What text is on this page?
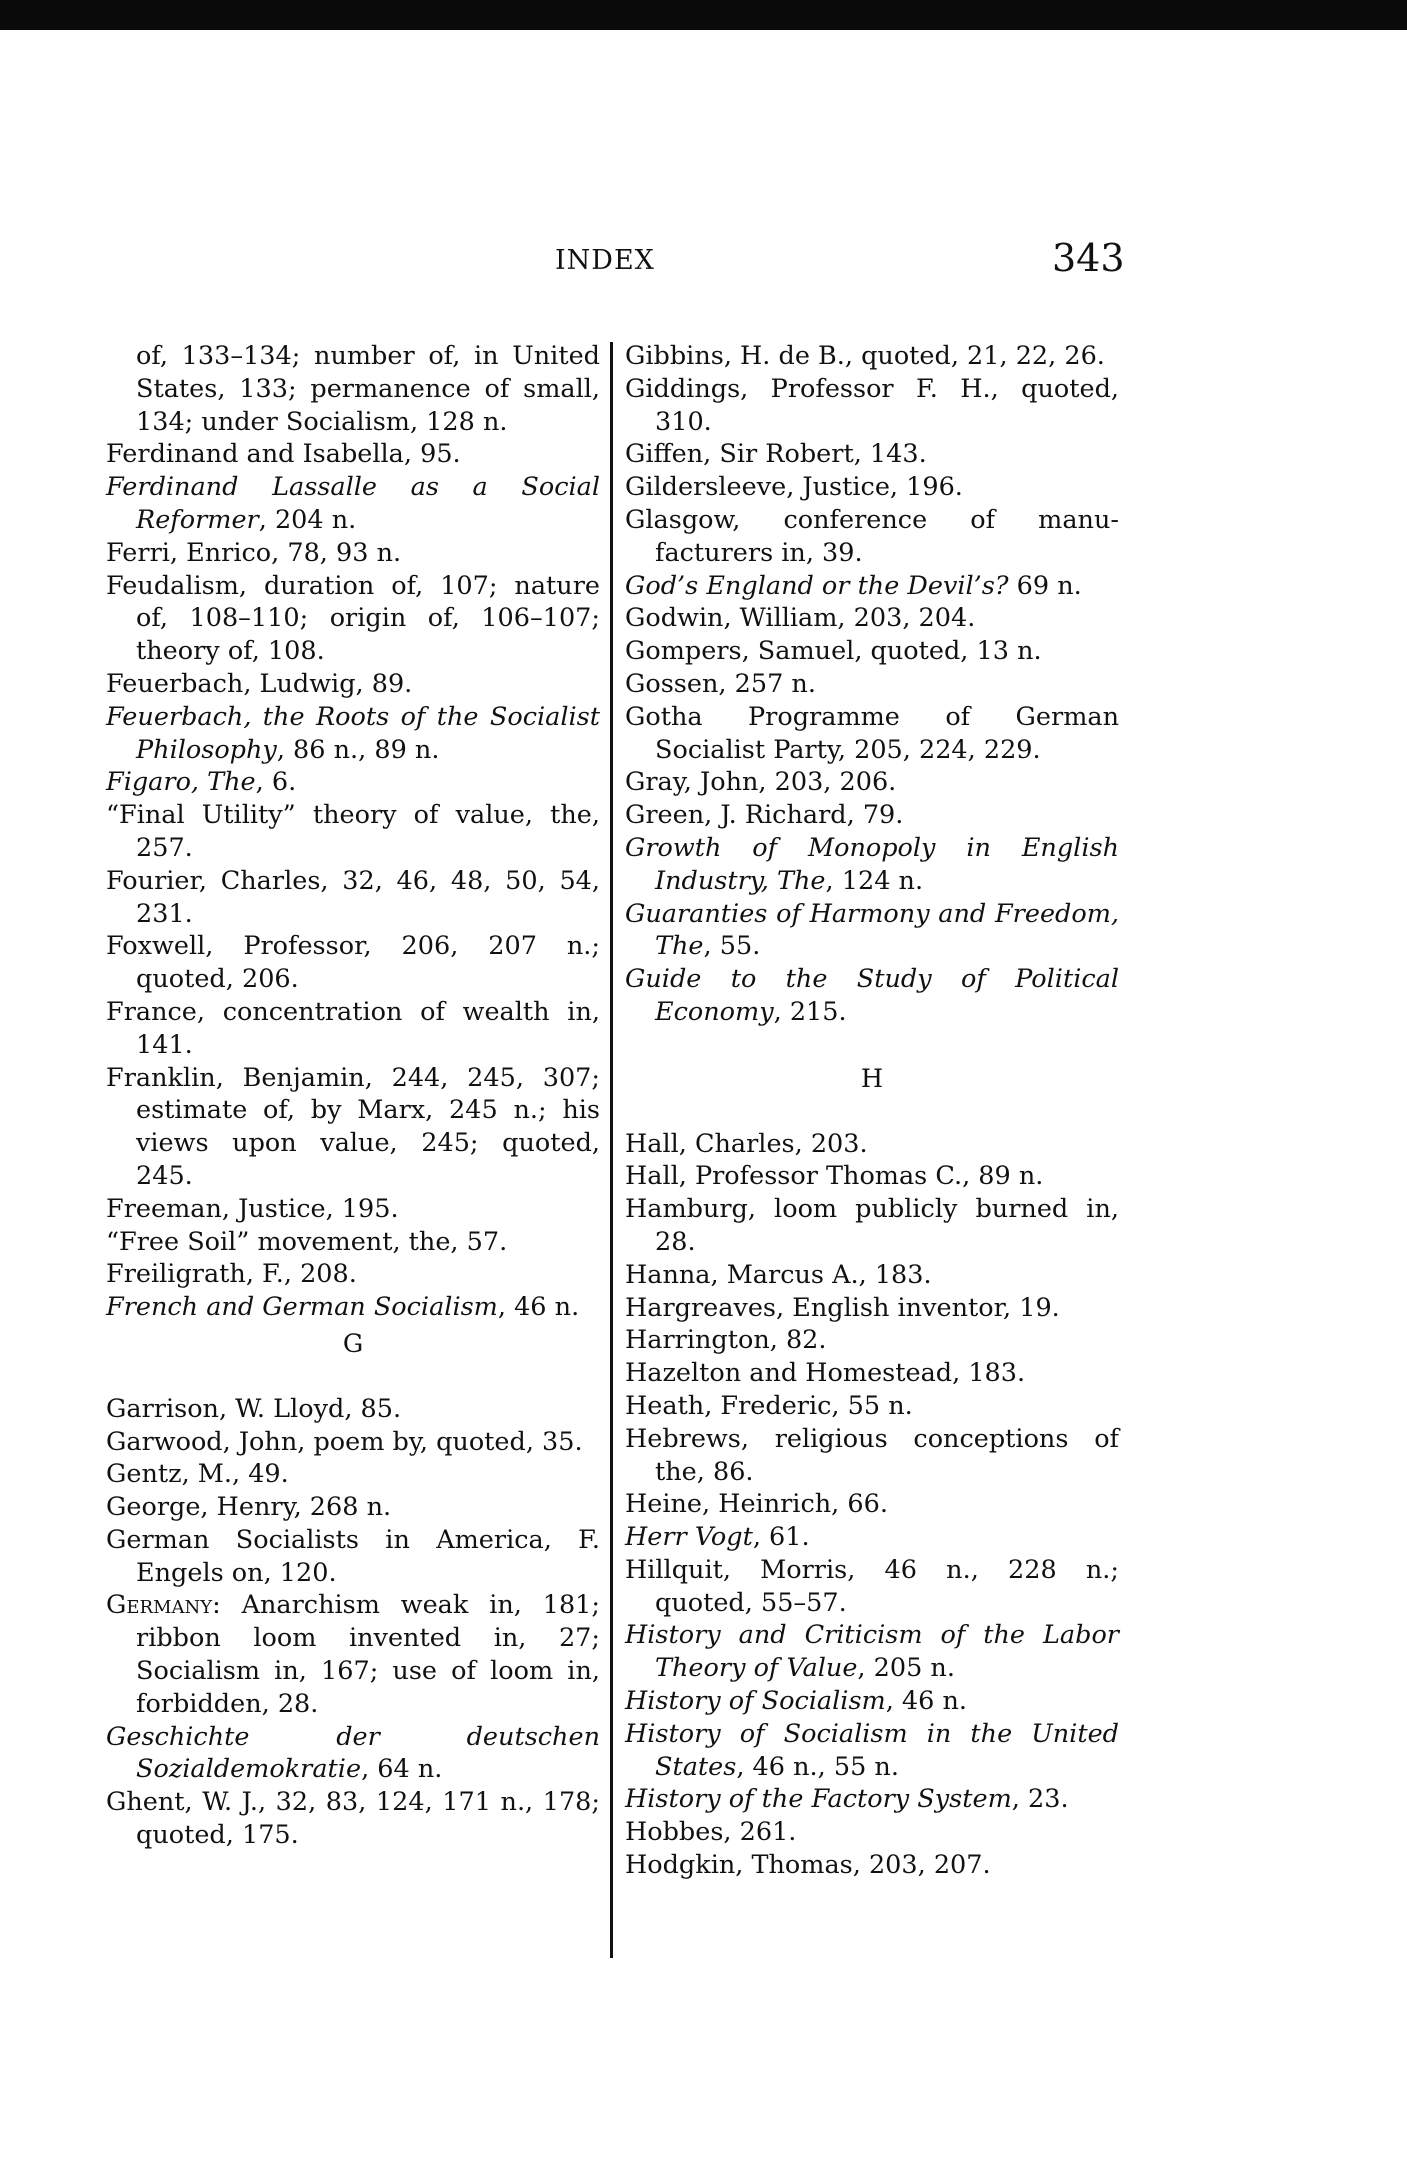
INDEX	343

of, 133–134; number of, in United States, 133; permanence of small, 134; under Socialism, 128 n.

Ferdinand and Isabella, 95.

Ferdinand Lassalle as a Social Reformer, 204 n.

Ferri, Enrico, 78, 93 n.

Feudalism, duration of, 107; nature of, 108–110; origin of, 106–107; theory of, 108.

Feuerbach, Ludwig, 89.

Feuerbach, the Roots of the Socialist Philosophy, 86 n., 89 n.

Figaro, The, 6.

“Final Utility” theory of value, the, 257.

Fourier, Charles, 32, 46, 48, 50, 54, 231.

Foxwell, Professor, 206, 207 n.; quoted, 206.

France, concentration of wealth in, 141.

Franklin, Benjamin, 244, 245, 307; estimate of, by Marx, 245 n.; his views upon value, 245; quoted, 245.

Freeman, Justice, 195.

“Free Soil” movement, the, 57.

Freiligrath, F., 208.

French and German Socialism, 46 n.

G

Garrison, W. Lloyd, 85.

Garwood, John, poem by, quoted, 35.

Gentz, M., 49.

George, Henry, 268 n.

German Socialists in America, F. Engels on, 120.

Germany: Anarchism weak in, 181; ribbon loom invented in, 27; Socialism in, 167; use of loom in, forbidden, 28.

Geschichte der deutschen Sozialdemokratie, 64 n.

Ghent, W. J., 32, 83, 124, 171 n., 178; quoted, 175.

Gibbins, H. de B., quoted, 21, 22, 26.

Giddings, Professor F. H., quoted, 310.

Giffen, Sir Robert, 143.

Gildersleeve, Justice, 196.

Glasgow, conference of manu-facturers in, 39.

God’s England or the Devil’s? 69 n.

Godwin, William, 203, 204.

Gompers, Samuel, quoted, 13 n.

Gossen, 257 n.

Gotha Programme of German Socialist Party, 205, 224, 229.

Gray, John, 203, 206.

Green, J. Richard, 79.

Growth of Monopoly in English Industry, The, 124 n.

Guaranties of Harmony and Freedom, The, 55.

Guide to the Study of Political Economy, 215.

H

Hall, Charles, 203.

Hall, Professor Thomas C., 89 n.

Hamburg, loom publicly burned in, 28.

Hanna, Marcus A., 183.

Hargreaves, English inventor, 19.

Harrington, 82.

Hazelton and Homestead, 183.

Heath, Frederic, 55 n.

Hebrews, religious conceptions of the, 86.

Heine, Heinrich, 66.

Herr Vogt, 61.

Hillquit, Morris, 46 n., 228 n.; quoted, 55–57.

History and Criticism of the Labor Theory of Value, 205 n.

History of Socialism, 46 n.

History of Socialism in the United States, 46 n., 55 n.

History of the Factory System, 23.

Hobbes, 261.

Hodgkin, Thomas, 203, 207.
